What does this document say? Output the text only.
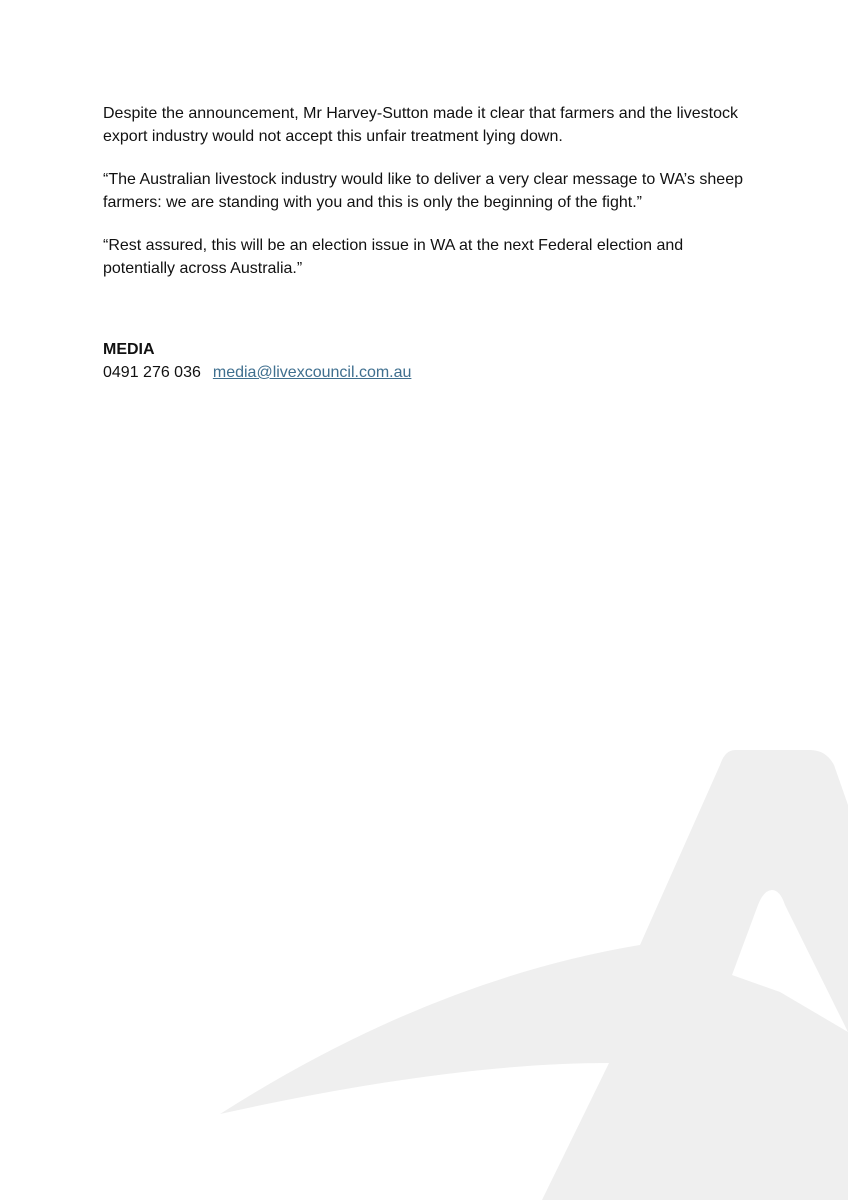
Despite the announcement, Mr Harvey-Sutton made it clear that farmers and the livestock export industry would not accept this unfair treatment lying down.

“The Australian livestock industry would like to deliver a very clear message to WA’s sheep farmers: we are standing with you and this is only the beginning of the fight.”

“Rest assured, this will be an election issue in WA at the next Federal election and potentially across Australia.”

MEDIA

0491 276 036 media@livexcouncil.com.au
